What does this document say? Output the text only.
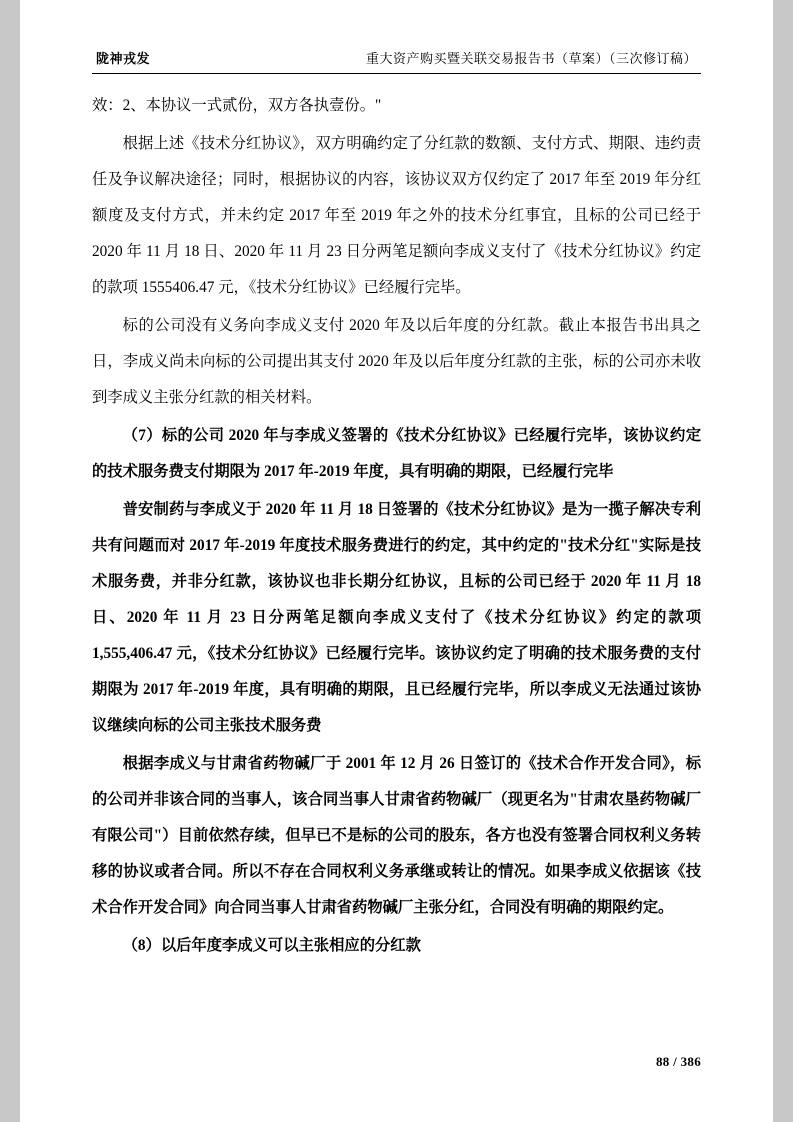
陇神戎发	重大资产购买暨关联交易报告书（草案）（三次修订稿）

效：2、本协议一式贰份，双方各执壹份。"

根据上述《技术分红协议》，双方明确约定了分红款的数额、支付方式、期限、违约责任及争议解决途径；同时，根据协议的内容，该协议双方仅约定了 2017 年至 2019 年分红额度及支付方式，并未约定 2017 年至 2019 年之外的技术分红事宜，且标的公司已经于 2020 年 11 月 18 日、2020 年 11 月 23 日分两笔足额向李成义支付了《技术分红协议》约定的款项 1555406.47 元，《技术分红协议》已经履行完毕。

标的公司没有义务向李成义支付 2020 年及以后年度的分红款。截止本报告书出具之日，李成义尚未向标的公司提出其支付 2020 年及以后年度分红款的主张，标的公司亦未收到李成义主张分红款的相关材料。

（7）标的公司 2020 年与李成义签署的《技术分红协议》已经履行完毕，该协议约定的技术服务费支付期限为 2017 年-2019 年度，具有明确的期限，已经履行完毕

普安制药与李成义于 2020 年 11 月 18 日签署的《技术分红协议》是为一揽子解决专利共有问题而对 2017 年-2019 年度技术服务费进行的约定，其中约定的"技术分红"实际是技术服务费，并非分红款，该协议也非长期分红协议，且标的公司已经于 2020 年 11 月 18 日、2020 年 11 月 23 日分两笔足额向李成义支付了《技术分红协议》约定的款项 1,555,406.47 元，《技术分红协议》已经履行完毕。该协议约定了明确的技术服务费的支付期限为 2017 年-2019 年度，具有明确的期限，且已经履行完毕，所以李成义无法通过该协议继续向标的公司主张技术服务费

根据李成义与甘肃省药物碱厂于 2001 年 12 月 26 日签订的《技术合作开发合同》，标的公司并非该合同的当事人，该合同当事人甘肃省药物碱厂（现更名为"甘肃农垦药物碱厂有限公司"）目前依然存续，但早已不是标的公司的股东，各方也没有签署合同权利义务转移的协议或者合同。所以不存在合同权利义务承继或转让的情况。如果李成义依据该《技术合作开发合同》向合同当事人甘肃省药物碱厂主张分红，合同没有明确的期限约定。

（8）以后年度李成义可以主张相应的分红款

88 / 386
